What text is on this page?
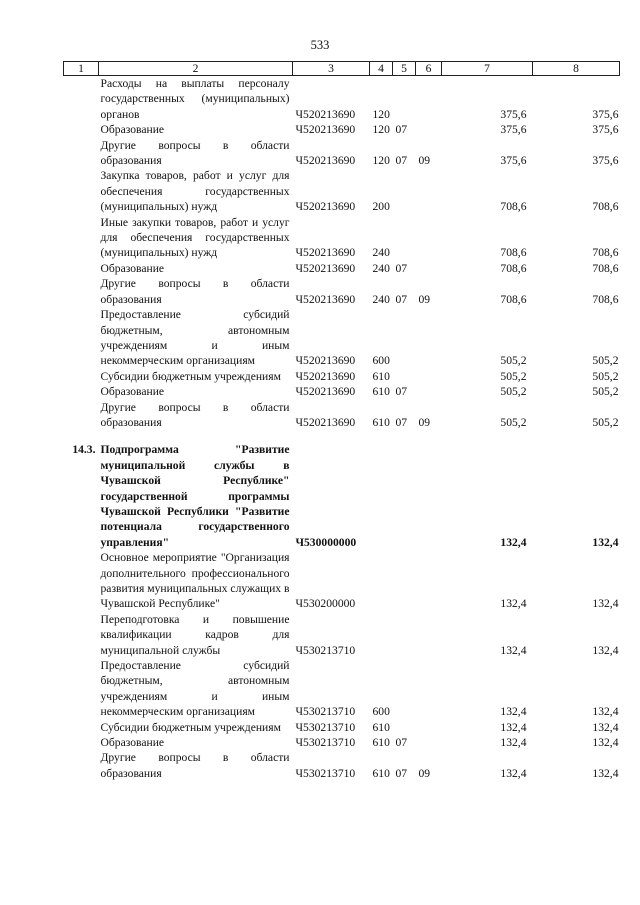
533
1	2	3	4	5	6	7	8
	Расходы на выплаты персоналу государственных (муниципальных) органов	Ч520213690	120			375,6	375,6
	Образование	Ч520213690	120	07		375,6	375,6
	Другие вопросы в области образования	Ч520213690	120	07	09	375,6	375,6
	Закупка товаров, работ и услуг для обеспечения государственных (муниципальных) нужд	Ч520213690	200			708,6	708,6
	Иные закупки товаров, работ и услуг для обеспечения государственных (муниципальных) нужд	Ч520213690	240			708,6	708,6
	Образование	Ч520213690	240	07		708,6	708,6
	Другие вопросы в области образования	Ч520213690	240	07	09	708,6	708,6
	Предоставление субсидий бюджетным, автономным учреждениям и иным некоммерческим организациям	Ч520213690	600			505,2	505,2
	Субсидии бюджетным учреждениям	Ч520213690	610			505,2	505,2
	Образование	Ч520213690	610	07		505,2	505,2
	Другие вопросы в области образования	Ч520213690	610	07	09	505,2	505,2

14.3.	Подпрограмма "Развитие муниципальной службы в Чувашской Республике" государственной программы Чувашской Республики "Развитие потенциала государственного управления"	Ч530000000				132,4	132,4
	Основное мероприятие "Организация дополнительного профессионального развития муниципальных служащих в Чувашской Республике"	Ч530200000				132,4	132,4
	Переподготовка и повышение квалификации кадров для муниципальной службы	Ч530213710				132,4	132,4
	Предоставление субсидий бюджетным, автономным учреждениям и иным некоммерческим организациям	Ч530213710	600			132,4	132,4
	Субсидии бюджетным учреждениям	Ч530213710	610			132,4	132,4
	Образование	Ч530213710	610	07		132,4	132,4
	Другие вопросы в области образования	Ч530213710	610	07	09	132,4	132,4
